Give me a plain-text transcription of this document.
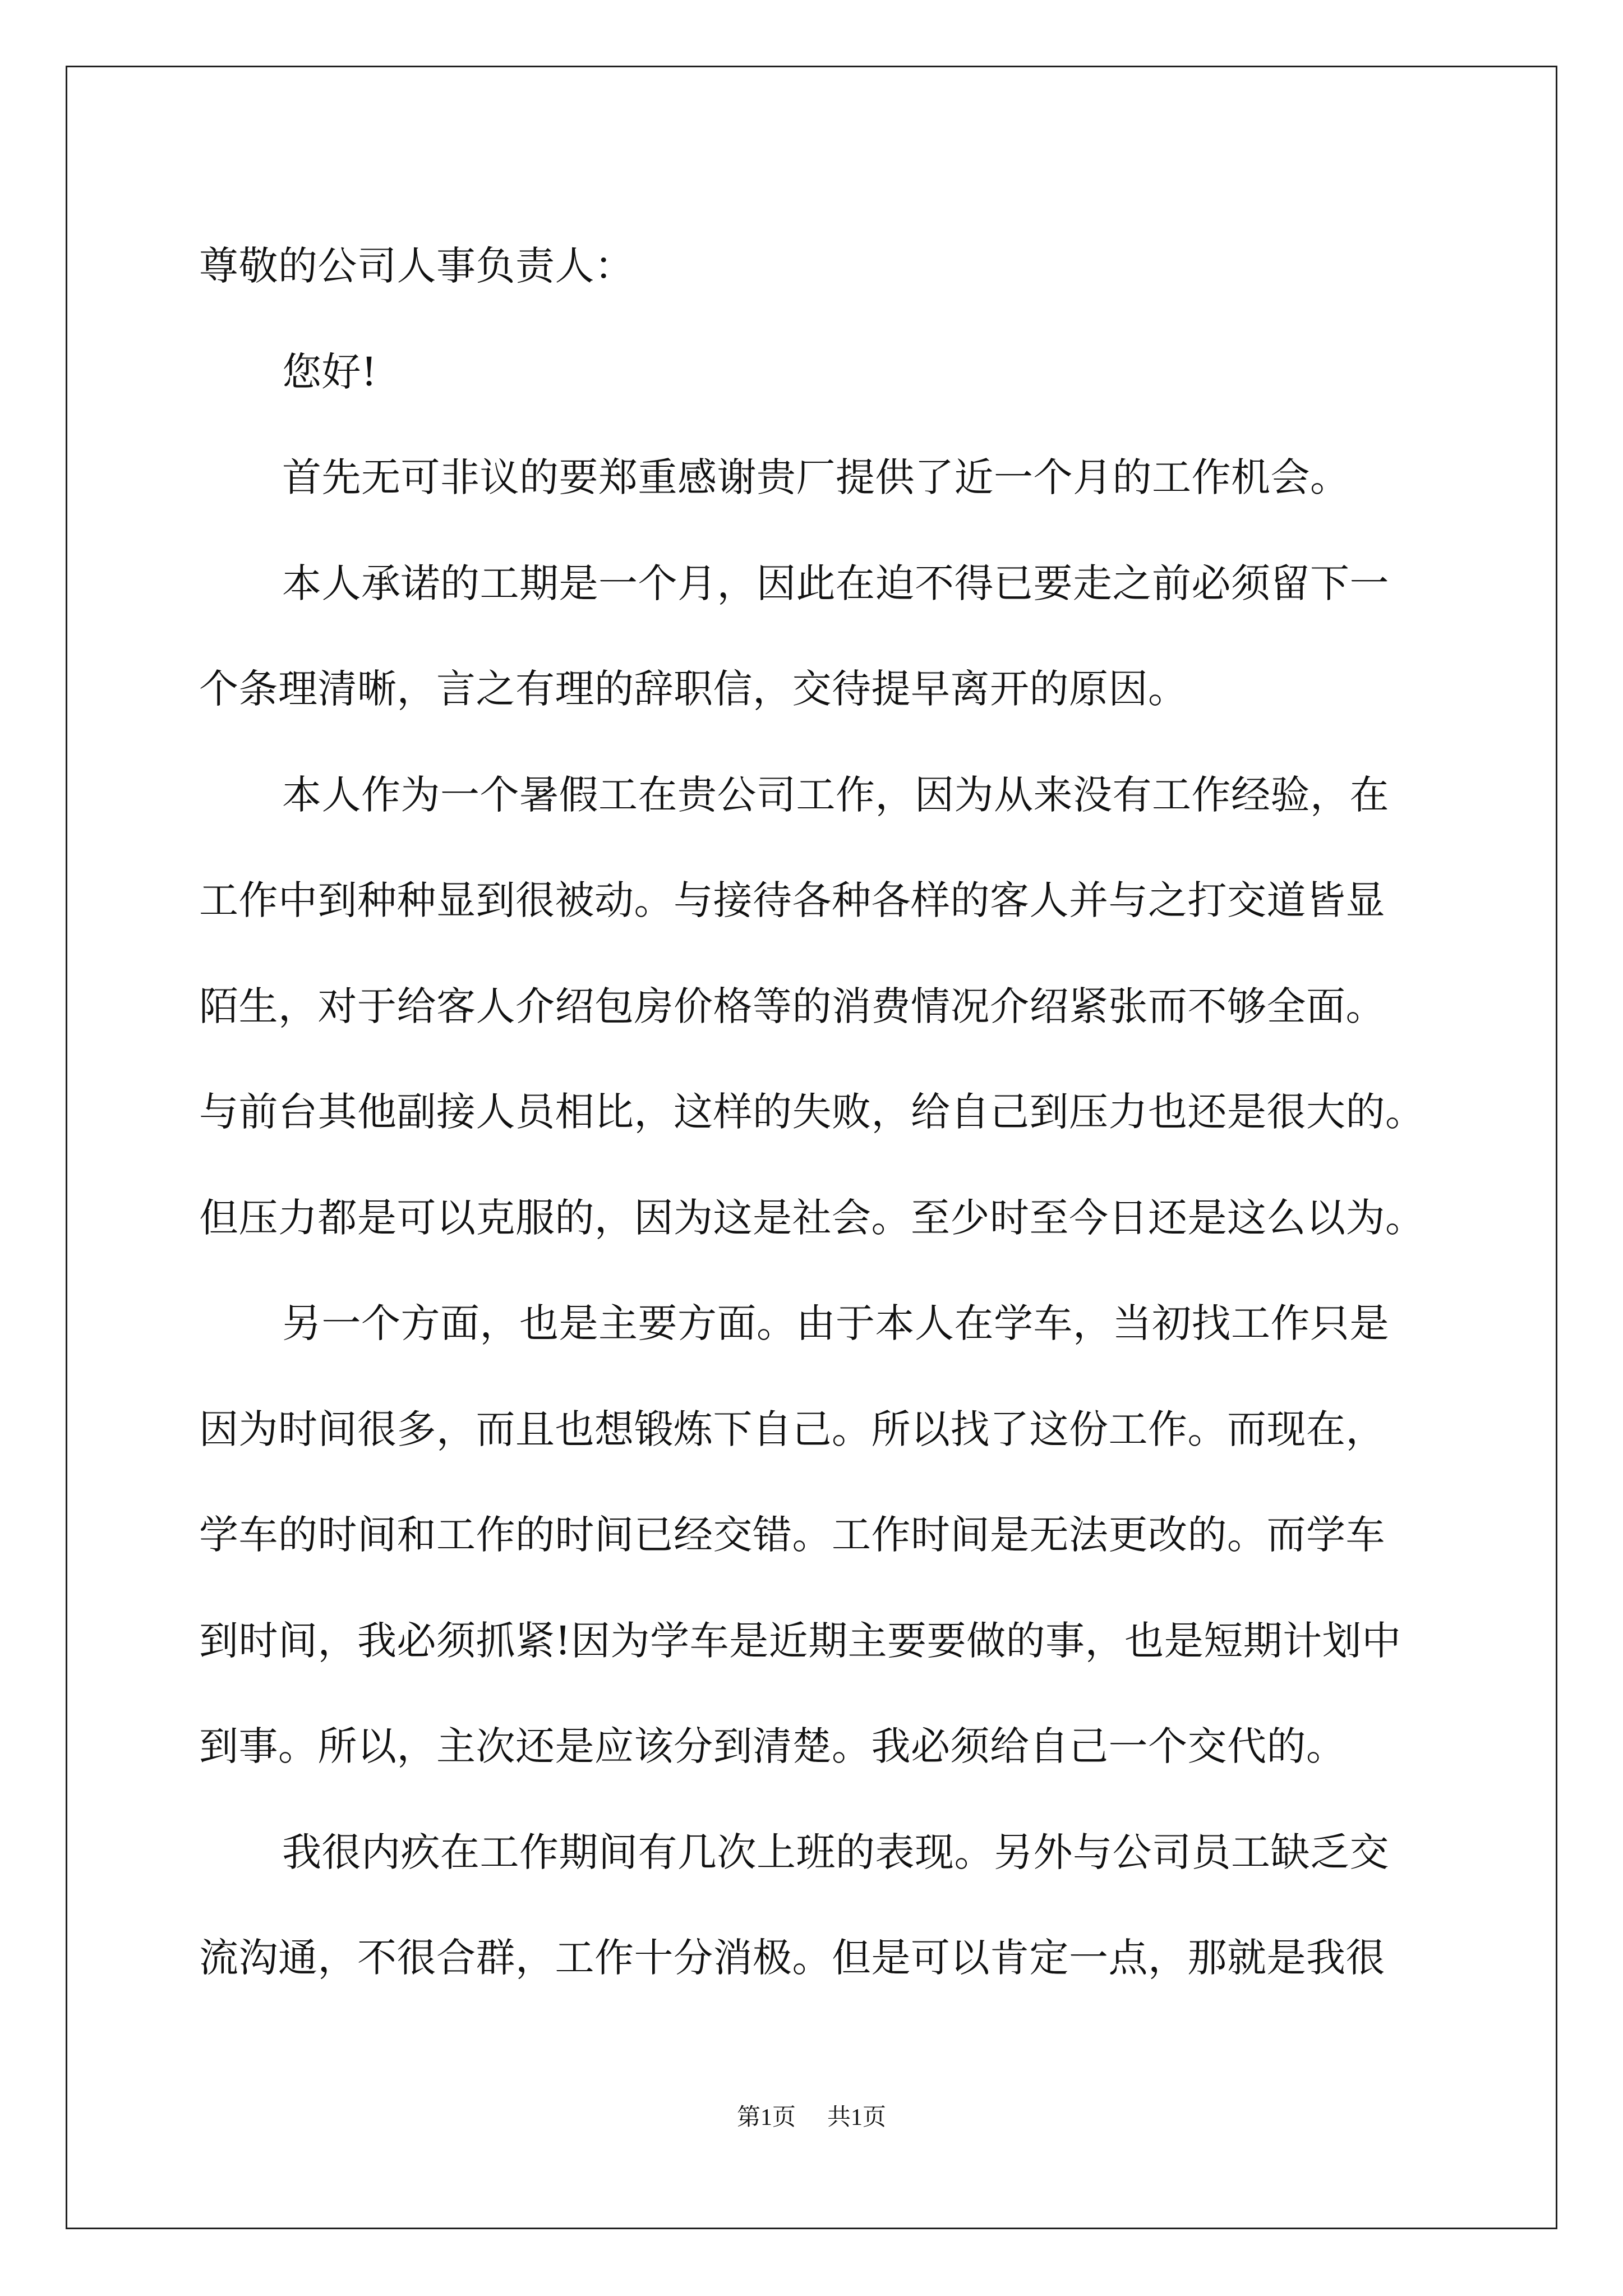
尊敬的公司人事负责人：
您好!
首先无可非议的要郑重感谢贵厂提供了近一个月的工作机会。
本人承诺的工期是一个月，因此在迫不得已要走之前必须留下一
个条理清晰，言之有理的辞职信，交待提早离开的原因。
本人作为一个暑假工在贵公司工作，因为从来没有工作经验，在
工作中到种种显到很被动。与接待各种各样的客人并与之打交道皆显
陌生，对于给客人介绍包房价格等的消费情况介绍紧张而不够全面。
与前台其他副接人员相比，这样的失败，给自己到压力也还是很大的。
但压力都是可以克服的，因为这是社会。至少时至今日还是这么以为。
另一个方面，也是主要方面。由于本人在学车，当初找工作只是
因为时间很多，而且也想锻炼下自己。所以找了这份工作。而现在，
学车的时间和工作的时间已经交错。工作时间是无法更改的。而学车
到时间，我必须抓紧!因为学车是近期主要要做的事，也是短期计划中
到事。所以，主次还是应该分到清楚。我必须给自己一个交代的。
我很内疚在工作期间有几次上班的表现。另外与公司员工缺乏交
流沟通，不很合群，工作十分消极。但是可以肯定一点，那就是我很
第1页 共1页
